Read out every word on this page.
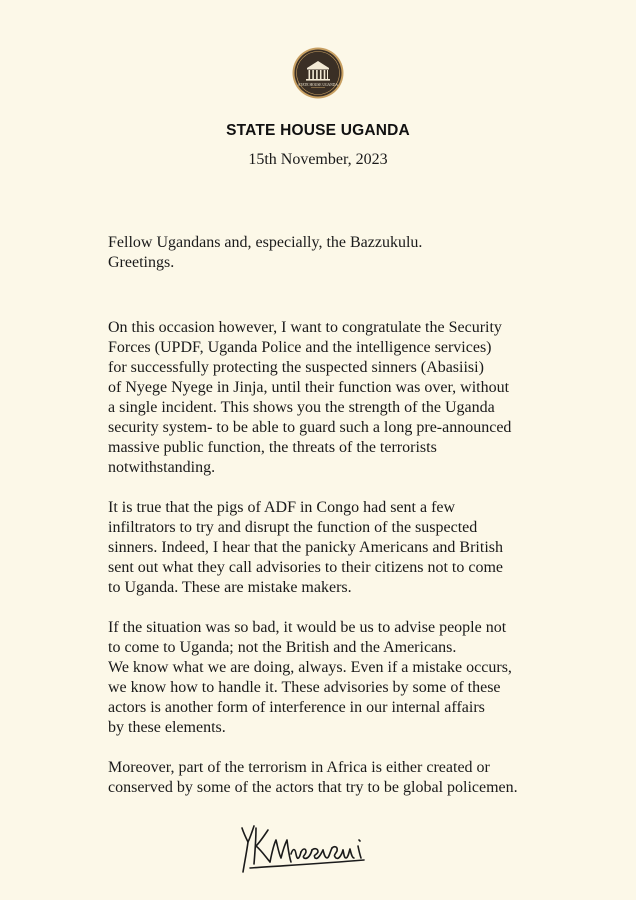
STATE HOUSE UGANDA
STATE HOUSE UGANDA
15th November, 2023
Fellow Ugandans and, especially, the Bazzukulu.
Greetings.
On this occasion however, I want to congratulate the Security
Forces (UPDF, Uganda Police and the intelligence services)
for successfully protecting the suspected sinners (Abasiisi)
of Nyege Nyege in Jinja, until their function was over, without
a single incident. This shows you the strength of the Uganda
security system- to be able to guard such a long pre-announced
massive public function, the threats of the terrorists
notwithstanding.
It is true that the pigs of ADF in Congo had sent a few
infiltrators to try and disrupt the function of the suspected
sinners. Indeed, I hear that the panicky Americans and British
sent out what they call advisories to their citizens not to come
to Uganda. These are mistake makers.
If the situation was so bad, it would be us to advise people not
to come to Uganda; not the British and the Americans.
We know what we are doing, always. Even if a mistake occurs,
we know how to handle it. These advisories by some of these
actors is another form of interference in our internal affairs
by these elements.
Moreover, part of the terrorism in Africa is either created or
conserved by some of the actors that try to be global policemen.
